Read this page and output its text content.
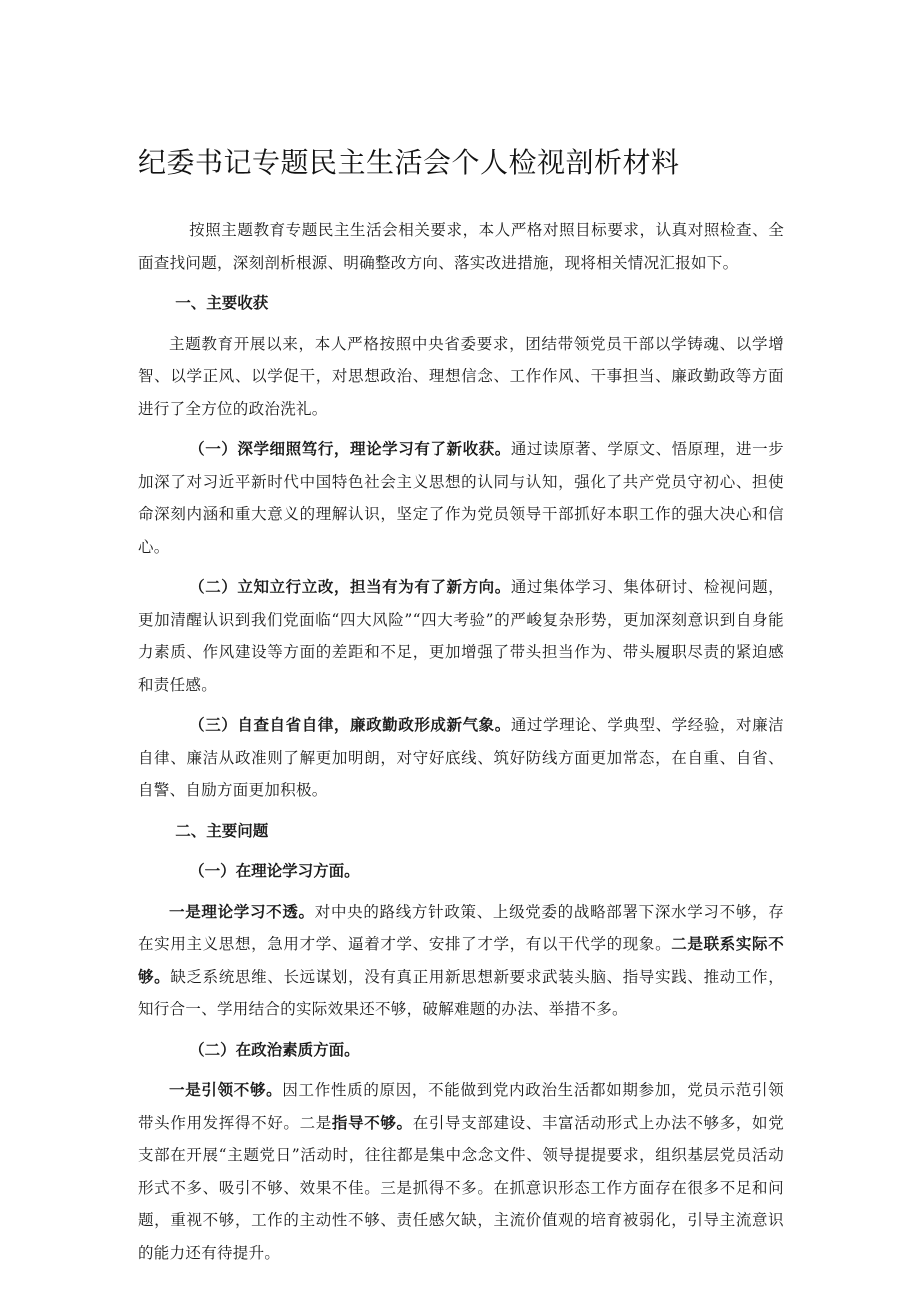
纪委书记专题民主生活会个人检视剖析材料

按照主题教育专题民主生活会相关要求，本人严格对照目标要求，认真对照检查、全面查找问题，深刻剖析根源、明确整改方向、落实改进措施，现将相关情况汇报如下。

一、主要收获

主题教育开展以来，本人严格按照中央省委要求，团结带领党员干部以学铸魂、以学增智、以学正风、以学促干，对思想政治、理想信念、工作作风、干事担当、廉政勤政等方面进行了全方位的政治洗礼。

（一）深学细照笃行，理论学习有了新收获。通过读原著、学原文、悟原理，进一步加深了对习近平新时代中国特色社会主义思想的认同与认知，强化了共产党员守初心、担使命深刻内涵和重大意义的理解认识，坚定了作为党员领导干部抓好本职工作的强大决心和信心。

（二）立知立行立改，担当有为有了新方向。通过集体学习、集体研讨、检视问题，更加清醒认识到我们党面临“四大风险”“四大考验”的严峻复杂形势，更加深刻意识到自身能力素质、作风建设等方面的差距和不足，更加增强了带头担当作为、带头履职尽责的紧迫感和责任感。

（三）自查自省自律，廉政勤政形成新气象。通过学理论、学典型、学经验，对廉洁自律、廉洁从政准则了解更加明朗，对守好底线、筑好防线方面更加常态，在自重、自省、自警、自励方面更加积极。

二、主要问题
（一）在理论学习方面。

一是理论学习不透。对中央的路线方针政策、上级党委的战略部署下深水学习不够，存在实用主义思想，急用才学、逼着才学、安排了才学，有以干代学的现象。二是联系实际不够。缺乏系统思维、长远谋划，没有真正用新思想新要求武装头脑、指导实践、推动工作，知行合一、学用结合的实际效果还不够，破解难题的办法、举措不多。

（二）在政治素质方面。

一是引领不够。因工作性质的原因，不能做到党内政治生活都如期参加，党员示范引领带头作用发挥得不好。二是指导不够。在引导支部建设、丰富活动形式上办法不够多，如党支部在开展“主题党日”活动时，往往都是集中念念文件、领导提提要求，组织基层党员活动形式不多、吸引不够、效果不佳。三是抓得不多。在抓意识形态工作方面存在很多不足和问题，重视不够，工作的主动性不够、责任感欠缺，主流价值观的培育被弱化，引导主流意识的能力还有待提升。
